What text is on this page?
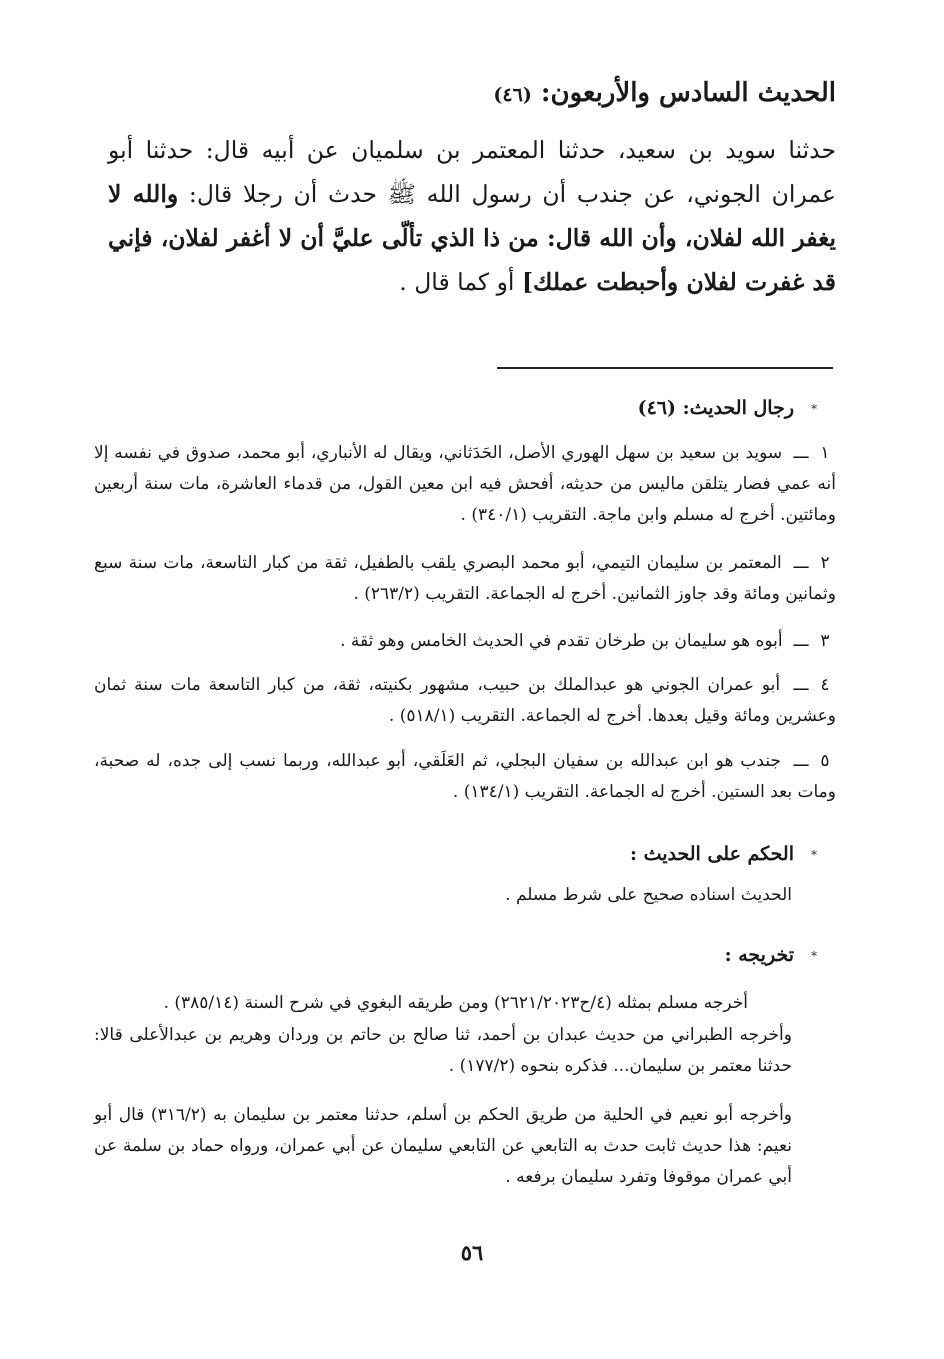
الحديث السادس والأربعون: (٤٦)
حدثنا سويد بن سعيد، حدثنا المعتمر بن سلميان عن أبيه قال: حدثنا أبو عمران الجوني، عن جندب أن رسول الله ﷺ حدث أن رجلا قال: والله لا يغفر الله لفلان، وأن الله قال: من ذا الذي تألّى عليَّ أن لا أغفر لفلان، فإني قد غفرت لفلان وأحبطت عملك] أو كما قال .
*رجال الحديث: (٤٦)
١ـــ سويد بن سعيد بن سهل الهوري الأصل، الحَدَثاني، ويقال له الأنباري، أبو محمد، صدوق في نفسه إلا أنه عمي فصار يتلقن ماليس من حديثه، أفحش فيه ابن معين القول، من قدماء العاشرة، مات سنة أربعين ومائتين. أخرج له مسلم وابن ماجة. التقريب (٣٤٠/١) .
٢ـــ المعتمر بن سليمان التيمي، أبو محمد البصري يلقب بالطفيل، ثقة من كبار التاسعة، مات سنة سبع وثمانين ومائة وقد جاوز الثمانين. أخرج له الجماعة. التقريب (٢٦٣/٢) .
٣ـــ أبوه هو سليمان بن طرخان تقدم في الحديث الخامس وهو ثقة .
٤ـــ أبو عمران الجوني هو عبدالملك بن حبيب، مشهور بكنيته، ثقة، من كبار التاسعة مات سنة ثمان وعشرين ومائة وقيل بعدها. أخرج له الجماعة. التقريب (٥١٨/١) .
٥ـــ جندب هو ابن عبدالله بن سفيان البجلي، ثم العَلَقي، أبو عبدالله، وربما نسب إلى جده، له صحبة، ومات بعد الستين. أخرج له الجماعة. التقريب (١٣٤/١) .
*الحكم على الحديث :
الحديث اسناده صحيح على شرط مسلم .
*تخريجه :
أخرجه مسلم بمثله (٤/ح٢٦٢١/٢٠٢٣) ومن طريقه البغوي في شرح السنة (٣٨٥/١٤) .
وأخرجه الطبراني من حديث عبدان بن أحمد، ثنا صالح بن حاتم بن وردان وهريم بن عبدالأعلى قالا: حدثنا معتمر بن سليمان... فذكره بنحوه (١٧٧/٢) .
وأخرجه أبو نعيم في الحلية من طريق الحكم بن أسلم، حدثنا معتمر بن سليمان به (٣١٦/٢) قال أبو نعيم: هذا حديث ثابت حدث به التابعي عن التابعي سليمان عن أبي عمران، ورواه حماد بن سلمة عن أبي عمران موقوفا وتفرد سليمان برفعه .
٥٦
